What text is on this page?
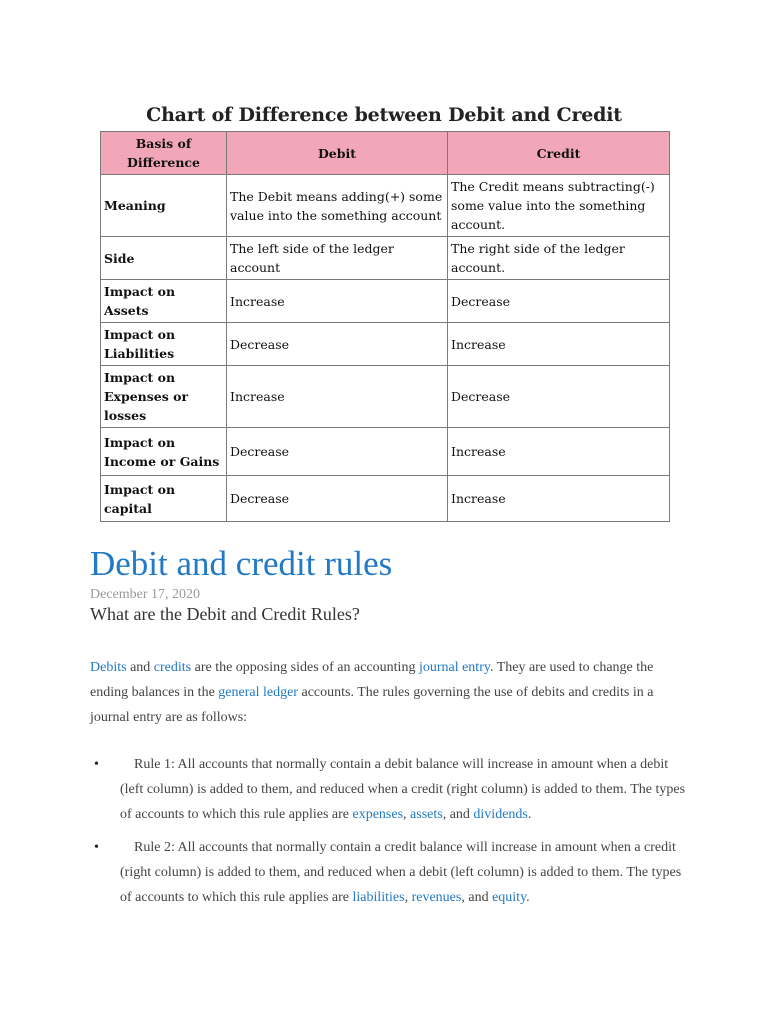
Chart of Difference between Debit and Credit
Basis of Difference	Debit	Credit
Meaning	The Debit means adding(+) some value into the something account	The Credit means subtracting(-) some value into the something account.
Side	The left side of the ledger account	The right side of the ledger account.
Impact on Assets	Increase	Decrease
Impact on Liabilities	Decrease	Increase
Impact on Expenses or losses	Increase	Decrease
Impact on Income or Gains	Decrease	Increase
Impact on capital	Decrease	Increase
Debit and credit rules
December 17, 2020
What are the Debit and Credit Rules?

Debits and credits are the opposing sides of an accounting journal entry. They are used to change the ending balances in the general ledger accounts. The rules governing the use of debits and credits in a journal entry are as follows:

•	Rule 1: All accounts that normally contain a debit balance will increase in amount when a debit (left column) is added to them, and reduced when a credit (right column) is added to them. The types of accounts to which this rule applies are expenses, assets, and dividends.
•	Rule 2: All accounts that normally contain a credit balance will increase in amount when a credit (right column) is added to them, and reduced when a debit (left column) is added to them. The types of accounts to which this rule applies are liabilities, revenues, and equity.
